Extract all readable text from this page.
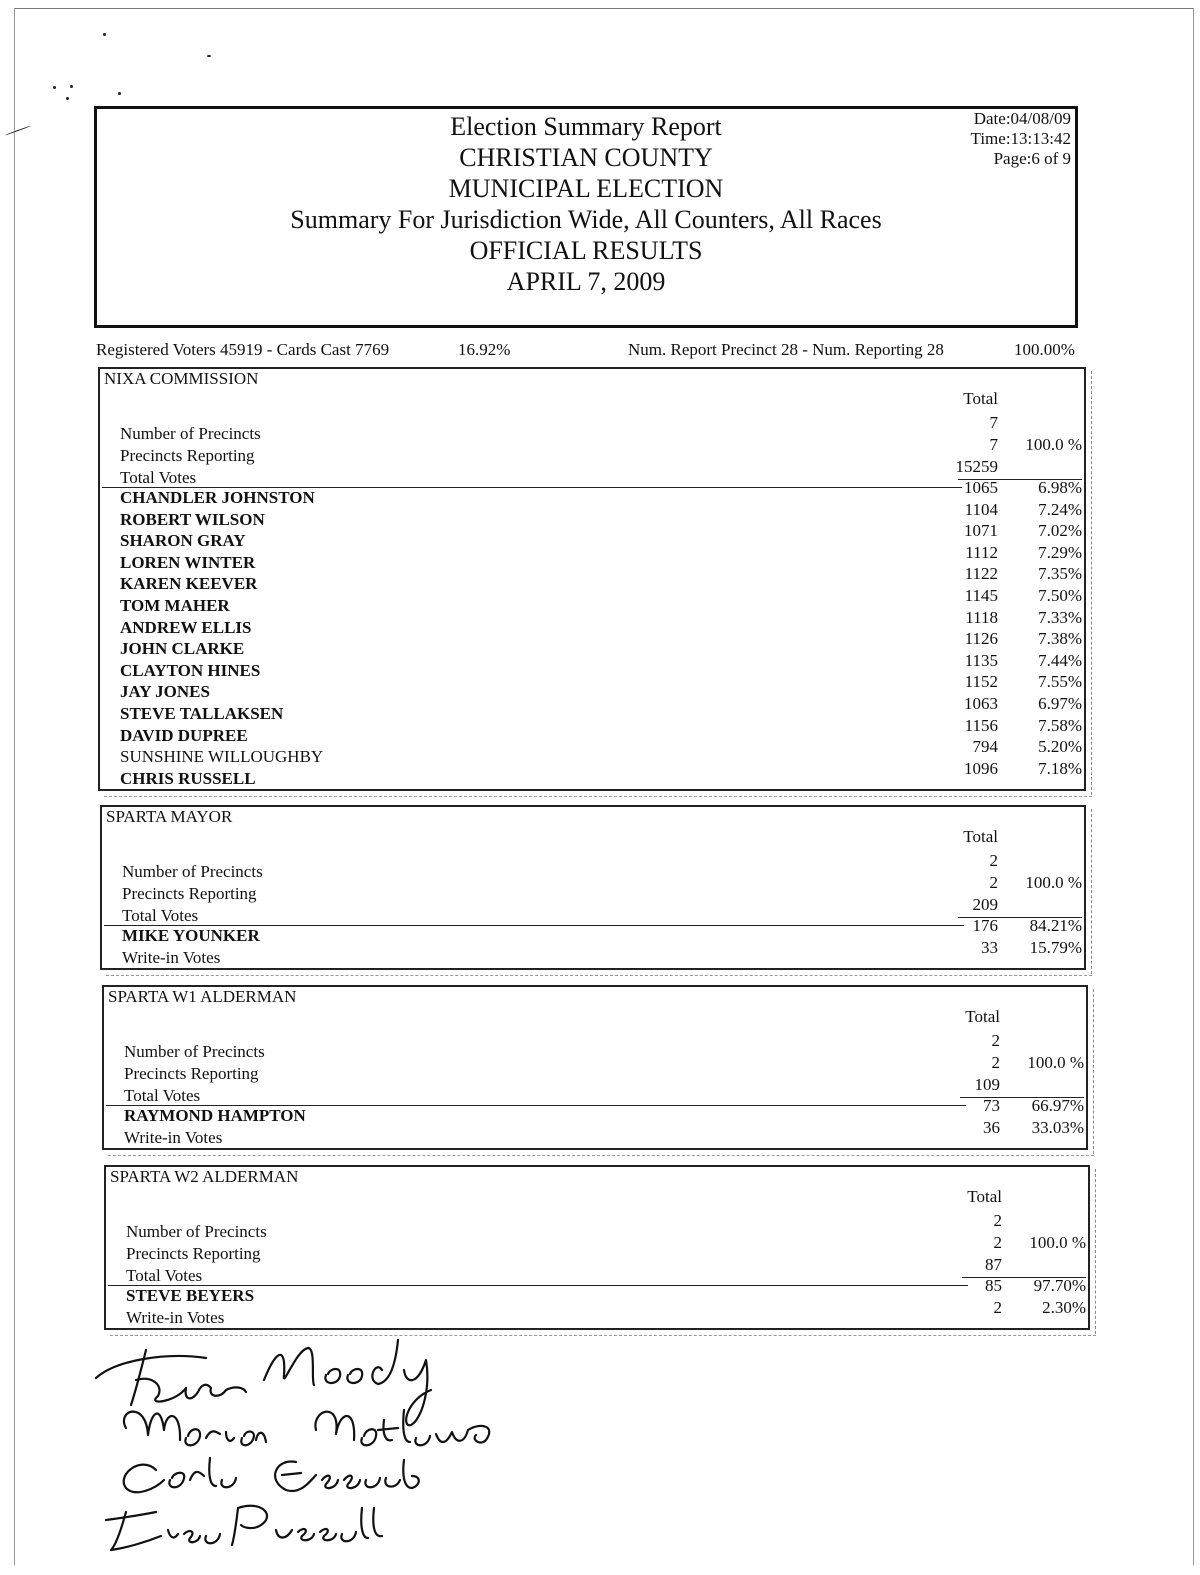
Election Summary Report
CHRISTIAN COUNTY
MUNICIPAL ELECTION
Summary For Jurisdiction Wide, All Counters, All Races
OFFICIAL RESULTS
APRIL 7, 2009
Date:04/08/09
Time:13:13:42
Page:6 of 9
Registered Voters 45919 - Cards Cast 7769	16.92%	Num. Report Precinct 28 - Num. Reporting 28	100.00%
NIXA COMMISSION
Total
Number of Precincts
7
Precincts Reporting
7	100.0 %
Total Votes
15259
CHANDLER JOHNSTON
1065	6.98%
ROBERT WILSON
1104	7.24%
SHARON GRAY
1071	7.02%
LOREN WINTER
1112	7.29%
KAREN KEEVER
1122	7.35%
TOM MAHER
1145	7.50%
ANDREW ELLIS
1118	7.33%
JOHN CLARKE
1126	7.38%
CLAYTON HINES
1135	7.44%
JAY JONES
1152	7.55%
STEVE TALLAKSEN
1063	6.97%
DAVID DUPREE
1156	7.58%
SUNSHINE WILLOUGHBY
794	5.20%
CHRIS RUSSELL
1096	7.18%
SPARTA MAYOR
Total
Number of Precincts
2
Precincts Reporting
2	100.0 %
Total Votes
209
MIKE YOUNKER
176	84.21%
Write-in Votes
33	15.79%
SPARTA W1 ALDERMAN
Total
Number of Precincts
2
Precincts Reporting
2	100.0 %
Total Votes
109
RAYMOND HAMPTON
73	66.97%
Write-in Votes
36	33.03%
SPARTA W2 ALDERMAN
Total
Number of Precincts
2
Precincts Reporting
2	100.0 %
Total Votes
87
STEVE BEYERS
85	97.70%
Write-in Votes
2	2.30%
